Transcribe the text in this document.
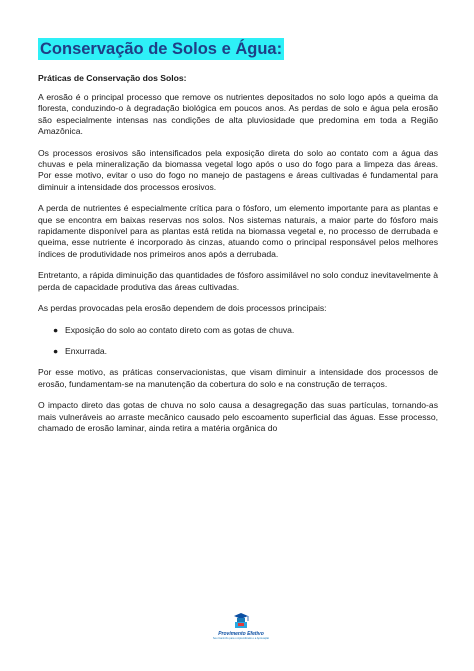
Conservação de Solos e Água:
Práticas de Conservação dos Solos:

A erosão é o principal processo que remove os nutrientes depositados no solo logo após a queima da floresta, conduzindo-o à degradação biológica em poucos anos. As perdas de solo e água pela erosão são especialmente intensas nas condições de alta pluviosidade que predomina em toda a Região Amazônica.

Os processos erosivos são intensificados pela exposição direta do solo ao contato com a água das chuvas e pela mineralização da biomassa vegetal logo após o uso do fogo para a limpeza das áreas. Por esse motivo, evitar o uso do fogo no manejo de pastagens e áreas cultivadas é fundamental para diminuir a intensidade dos processos erosivos.

A perda de nutrientes é especialmente crítica para o fósforo, um elemento importante para as plantas e que se encontra em baixas reservas nos solos. Nos sistemas naturais, a maior parte do fósforo mais rapidamente disponível para as plantas está retida na biomassa vegetal e, no processo de derrubada e queima, esse nutriente é incorporado às cinzas, atuando como o principal responsável pelos melhores índices de produtividade nos primeiros anos após a derrubada.

Entretanto, a rápida diminuição das quantidades de fósforo assimilável no solo conduz inevitavelmente à perda de capacidade produtiva das áreas cultivadas.

As perdas provocadas pela erosão dependem de dois processos principais:

● Exposição do solo ao contato direto com as gotas de chuva.
● Enxurrada.

Por esse motivo, as práticas conservacionistas, que visam diminuir a intensidade dos processos de erosão, fundamentam-se na manutenção da cobertura do solo e na construção de terraços.

O impacto direto das gotas de chuva no solo causa a desagregação das suas partículas, tornando-as mais vulneráveis ao arraste mecânico causado pelo escoamento superficial das águas. Esse processo, chamado de erosão laminar, ainda retira a matéria orgânica do

Provimento Efetivo
Seu Caminho para o Aprendizado e a Aprovação
